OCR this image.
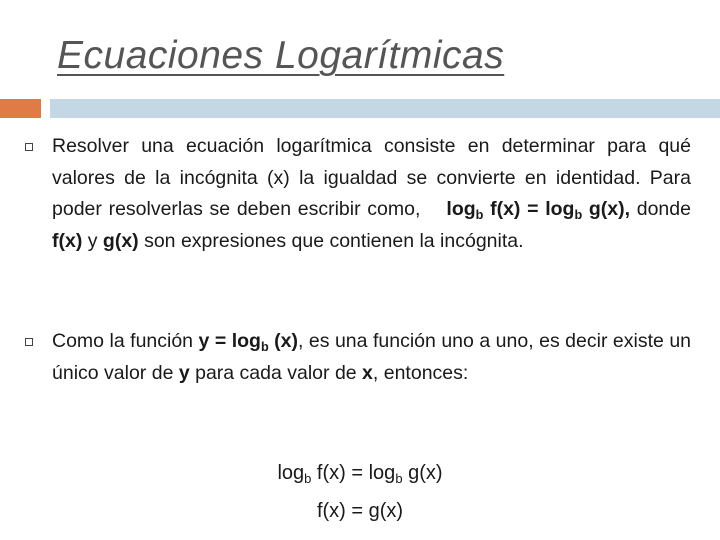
Ecuaciones Logarítmicas
Resolver una ecuación logarítmica consiste en determinar para qué valores de la incógnita (x) la igualdad se convierte en identidad. Para poder resolverlas se deben escribir como, $\log_b f(x) = \log_b g(x)$, donde f(x) y g(x) son expresiones que contienen la incógnita.
Como la función $y = \log_b (x)$, es una función uno a uno, es decir existe un único valor de y para cada valor de x, entonces:
$\log_b f(x) = \log_b g(x)$
f(x) = g(x)
